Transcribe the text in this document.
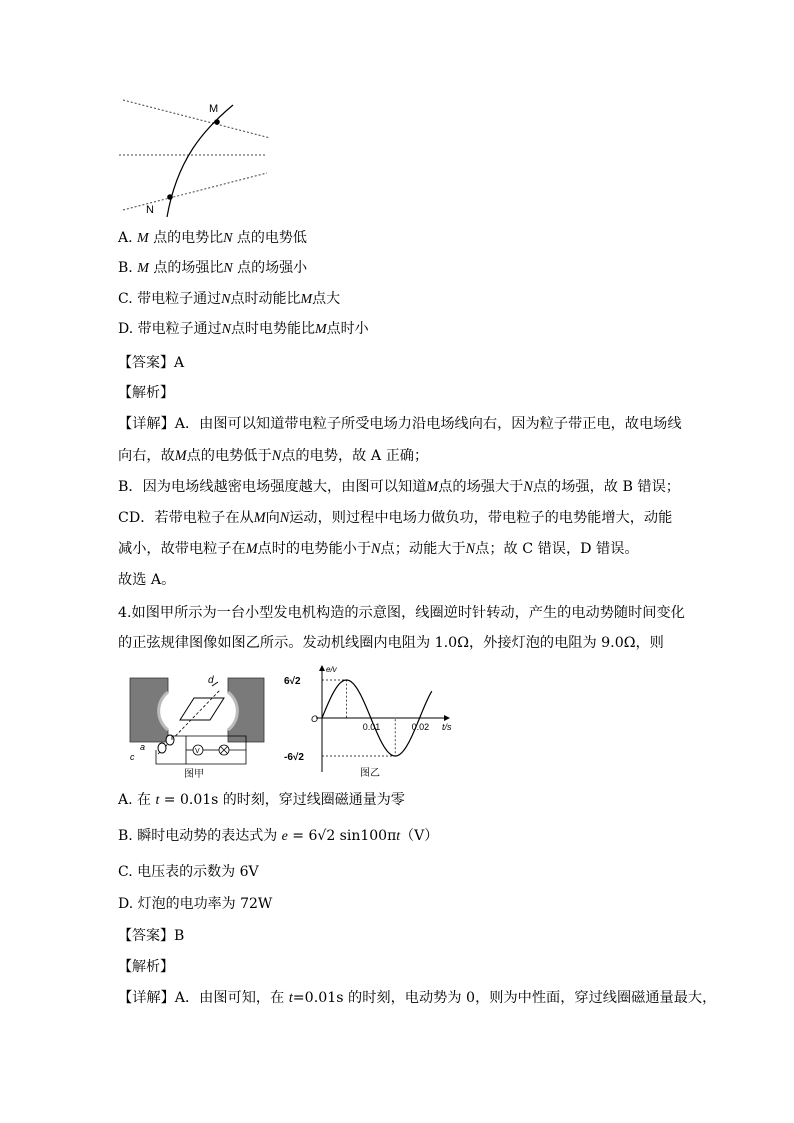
M
N
A. M 点的电势比N 点的电势低
B. M 点的场强比N 点的场强小
C. 带电粒子通过N点时动能比M点大
D. 带电粒子通过N点时电势能比M点时小
【答案】A
【解析】
【详解】A．由图可以知道带电粒子所受电场力沿电场线向右，因为粒子带正电，故电场线
向右，故M点的电势低于N点的电势，故 A 正确；
B．因为电场线越密电场强度越大，由图可以知道M点的场强大于N点的场强，故 B 错误；
CD．若带电粒子在从M向N运动，则过程中电场力做负功，带电粒子的电势能增大，动能
减小，故带电粒子在M点时的电势能小于N点；动能大于N点；故 C 错误，D 错误。
故选 A。
4.如图甲所示为一台小型发电机构造的示意图，线圈逆时针转动，产生的电动势随时间变化
的正弦规律图像如图乙所示。发动机线圈内电阻为 1.0Ω，外接灯泡的电阻为 9.0Ω，则
d
a
c
V
图甲
e/v
t/s
O
图乙
6√2
-6√2
0.01	0.02
A. 在 t = 0.01s 的时刻，穿过线圈磁通量为零
B. 瞬时电动势的表达式为 e = 6√2 sin100πt（V）
C. 电压表的示数为 6V
D. 灯泡的电功率为 72W
【答案】B
【解析】
【详解】A．由图可知，在 t=0.01s 的时刻，电动势为 0，则为中性面，穿过线圈磁通量最大，
